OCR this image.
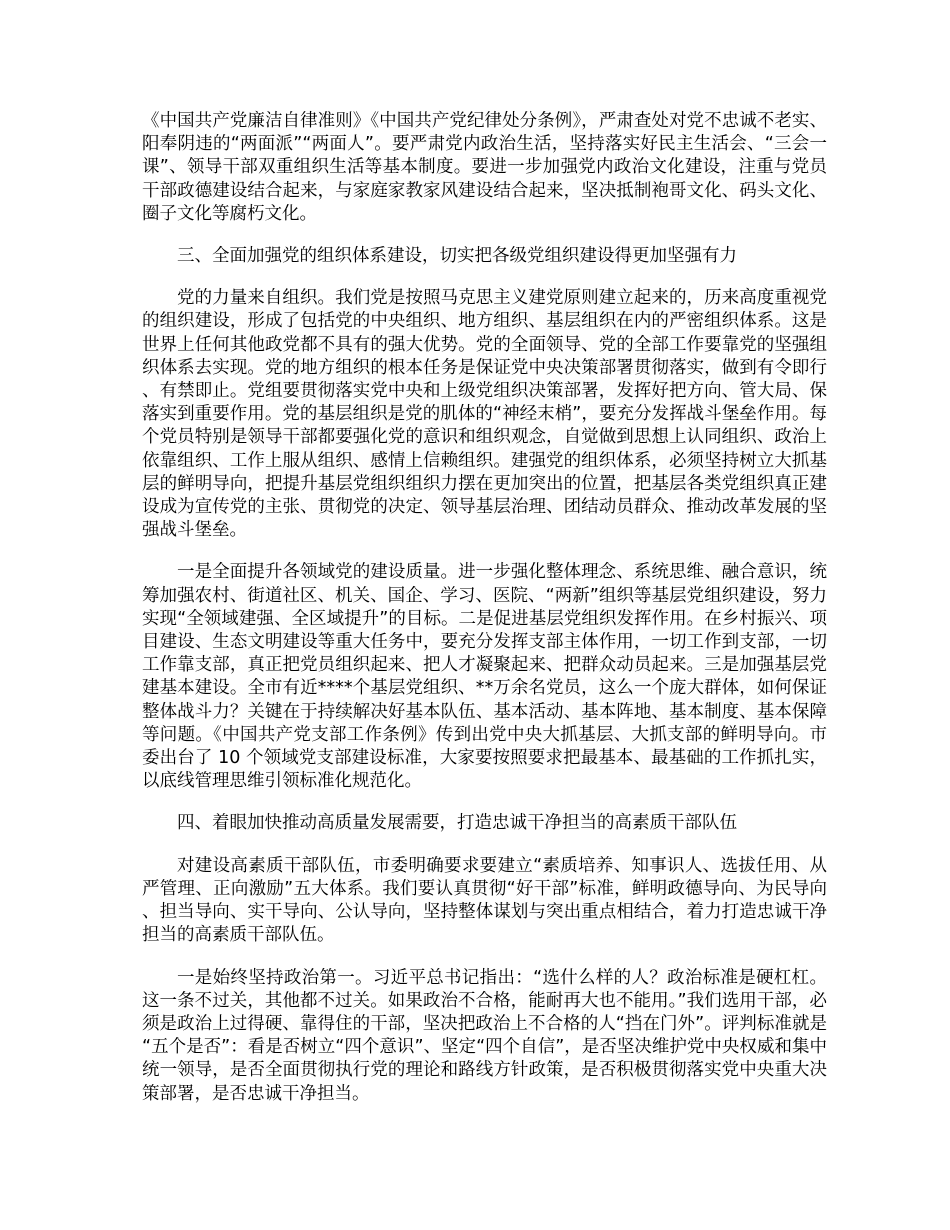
《中国共产党廉洁自律准则》《中国共产党纪律处分条例》，严肃查处对党不忠诚不老实、阳奉阴违的“两面派”“两面人”。要严肃党内政治生活，坚持落实好民主生活会、“三会一课”、领导干部双重组织生活等基本制度。要进一步加强党内政治文化建设，注重与党员干部政德建设结合起来，与家庭家教家风建设结合起来，坚决抵制袍哥文化、码头文化、圈子文化等腐朽文化。

三、全面加强党的组织体系建设，切实把各级党组织建设得更加坚强有力

党的力量来自组织。我们党是按照马克思主义建党原则建立起来的，历来高度重视党的组织建设，形成了包括党的中央组织、地方组织、基层组织在内的严密组织体系。这是世界上任何其他政党都不具有的强大优势。党的全面领导、党的全部工作要靠党的坚强组织体系去实现。党的地方组织的根本任务是保证党中央决策部署贯彻落实，做到有令即行、有禁即止。党组要贯彻落实党中央和上级党组织决策部署，发挥好把方向、管大局、保落实到重要作用。党的基层组织是党的肌体的“神经末梢”，要充分发挥战斗堡垒作用。每个党员特别是领导干部都要强化党的意识和组织观念，自觉做到思想上认同组织、政治上依靠组织、工作上服从组织、感情上信赖组织。建强党的组织体系，必须坚持树立大抓基层的鲜明导向，把提升基层党组织组织力摆在更加突出的位置，把基层各类党组织真正建设成为宣传党的主张、贯彻党的决定、领导基层治理、团结动员群众、推动改革发展的坚强战斗堡垒。

一是全面提升各领域党的建设质量。进一步强化整体理念、系统思维、融合意识，统筹加强农村、街道社区、机关、国企、学习、医院、“两新”组织等基层党组织建设，努力实现“全领域建强、全区域提升”的目标。二是促进基层党组织发挥作用。在乡村振兴、项目建设、生态文明建设等重大任务中，要充分发挥支部主体作用，一切工作到支部，一切工作靠支部，真正把党员组织起来、把人才凝聚起来、把群众动员起来。三是加强基层党建基本建设。全市有近****个基层党组织、**万余名党员，这么一个庞大群体，如何保证整体战斗力？关键在于持续解决好基本队伍、基本活动、基本阵地、基本制度、基本保障等问题。《中国共产党支部工作条例》传到出党中央大抓基层、大抓支部的鲜明导向。市委出台了 10 个领域党支部建设标准，大家要按照要求把最基本、最基础的工作抓扎实，以底线管理思维引领标准化规范化。

四、着眼加快推动高质量发展需要，打造忠诚干净担当的高素质干部队伍

对建设高素质干部队伍，市委明确要求要建立“素质培养、知事识人、选拔任用、从严管理、正向激励”五大体系。我们要认真贯彻“好干部”标准，鲜明政德导向、为民导向、担当导向、实干导向、公认导向，坚持整体谋划与突出重点相结合，着力打造忠诚干净担当的高素质干部队伍。

一是始终坚持政治第一。习近平总书记指出：“选什么样的人？政治标准是硬杠杠。这一条不过关，其他都不过关。如果政治不合格，能耐再大也不能用。”我们选用干部，必须是政治上过得硬、靠得住的干部，坚决把政治上不合格的人“挡在门外”。评判标准就是“五个是否”：看是否树立“四个意识”、坚定“四个自信”，是否坚决维护党中央权威和集中统一领导，是否全面贯彻执行党的理论和路线方针政策，是否积极贯彻落实党中央重大决策部署，是否忠诚干净担当。
